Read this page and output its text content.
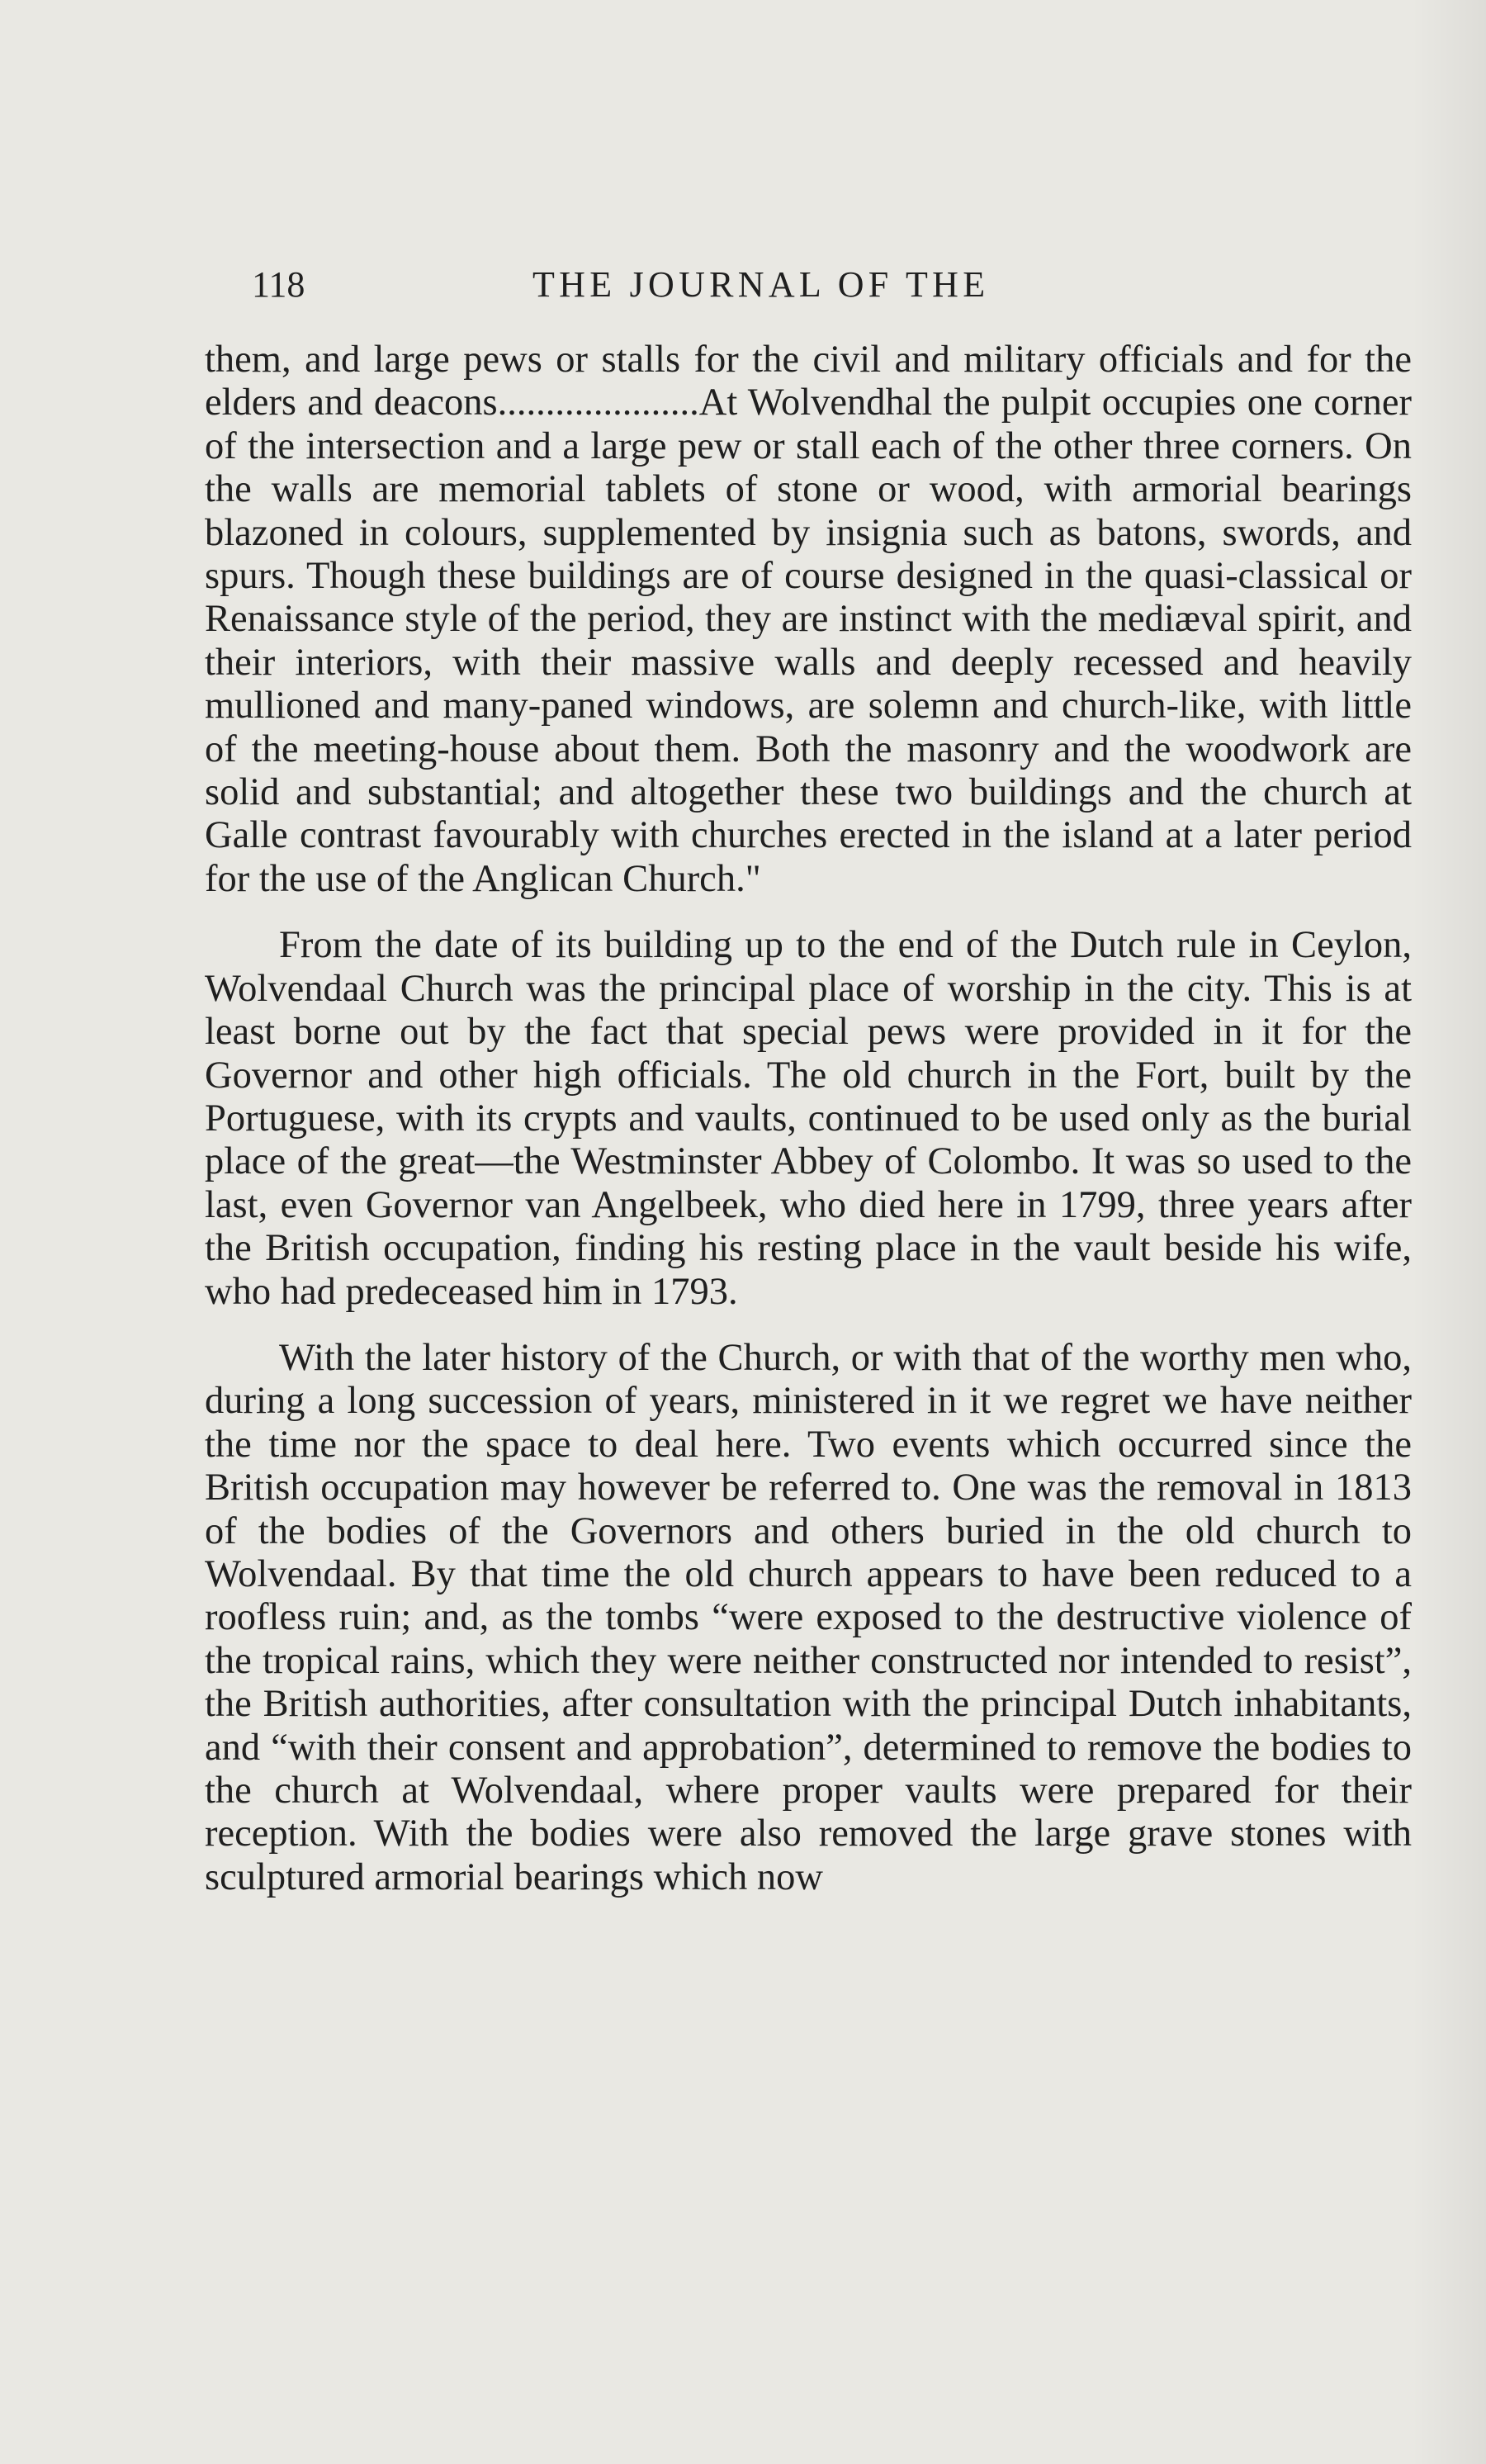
118	THE JOURNAL OF THE

them, and large pews or stalls for the civil and military officials and for the elders and deacons.....................At Wolvendhal the pulpit occupies one corner of the intersection and a large pew or stall each of the other three corners. On the walls are memorial tablets of stone or wood, with armorial bearings blazoned in colours, supplemented by insignia such as batons, swords, and spurs. Though these buildings are of course designed in the quasi-classical or Renaissance style of the period, they are instinct with the mediæval spirit, and their interiors, with their massive walls and deeply recessed and heavily mullioned and many-paned windows, are solemn and church-like, with little of the meeting-house about them. Both the masonry and the woodwork are solid and substantial; and altogether these two buildings and the church at Galle contrast favourably with churches erected in the island at a later period for the use of the Anglican Church."

From the date of its building up to the end of the Dutch rule in Ceylon, Wolvendaal Church was the principal place of worship in the city. This is at least borne out by the fact that special pews were provided in it for the Governor and other high officials. The old church in the Fort, built by the Portuguese, with its crypts and vaults, continued to be used only as the burial place of the great—the Westminster Abbey of Colombo. It was so used to the last, even Governor van Angelbeek, who died here in 1799, three years after the British occupation, finding his resting place in the vault beside his wife, who had predeceased him in 1793.

With the later history of the Church, or with that of the worthy men who, during a long succession of years, ministered in it we regret we have neither the time nor the space to deal here. Two events which occurred since the British occupation may however be referred to. One was the removal in 1813 of the bodies of the Governors and others buried in the old church to Wolvendaal. By that time the old church appears to have been reduced to a roofless ruin; and, as the tombs “were exposed to the destructive violence of the tropical rains, which they were neither constructed nor intended to resist”, the British authorities, after consultation with the principal Dutch inhabitants, and “with their consent and approbation”, determined to remove the bodies to the church at Wolvendaal, where proper vaults were prepared for their reception. With the bodies were also removed the large grave stones with sculptured armorial bearings which now
